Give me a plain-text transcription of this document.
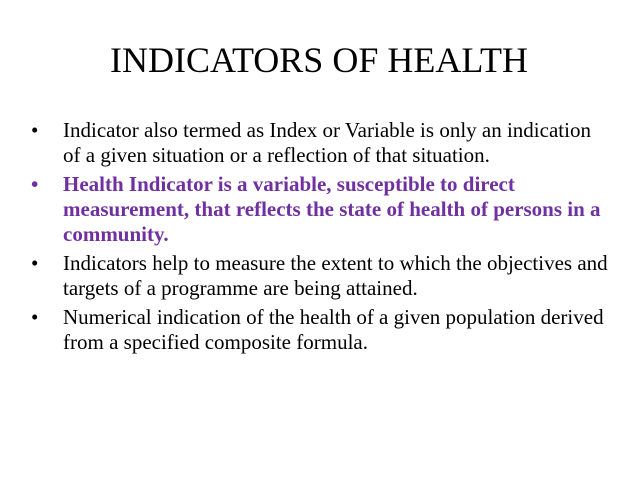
INDICATORS OF HEALTH
• Indicator also termed as Index or Variable is only an indication of a given situation or a reflection of that situation.
• Health Indicator is a variable, susceptible to direct measurement, that reflects the state of health of persons in a community.
• Indicators help to measure the extent to which the objectives and targets of a programme are being attained.
• Numerical indication of the health of a given population derived from a specified composite formula.
